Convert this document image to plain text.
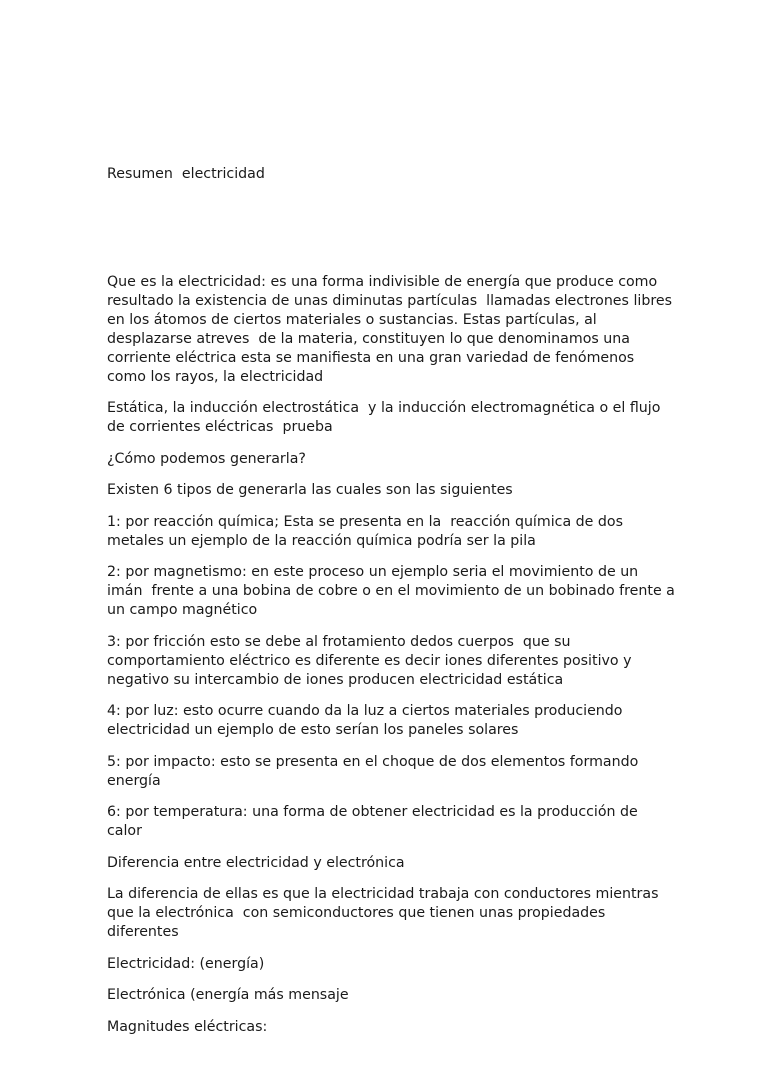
Resumen  electricidad

Que es la electricidad: es una forma indivisible de energía que produce como
resultado la existencia de unas diminutas partículas  llamadas electrones libres
en los átomos de ciertos materiales o sustancias. Estas partículas, al
desplazarse atreves  de la materia, constituyen lo que denominamos una
corriente eléctrica esta se manifiesta en una gran variedad de fenómenos
como los rayos, la electricidad
Estática, la inducción electrostática  y la inducción electromagnética o el flujo
de corrientes eléctricas  prueba
¿Cómo podemos generarla?
Existen 6 tipos de generarla las cuales son las siguientes
1: por reacción química; Esta se presenta en la  reacción química de dos
metales un ejemplo de la reacción química podría ser la pila
2: por magnetismo: en este proceso un ejemplo seria el movimiento de un
imán  frente a una bobina de cobre o en el movimiento de un bobinado frente a
un campo magnético
3: por fricción esto se debe al frotamiento dedos cuerpos  que su
comportamiento eléctrico es diferente es decir iones diferentes positivo y
negativo su intercambio de iones producen electricidad estática
4: por luz: esto ocurre cuando da la luz a ciertos materiales produciendo
electricidad un ejemplo de esto serían los paneles solares
5: por impacto: esto se presenta en el choque de dos elementos formando
energía
6: por temperatura: una forma de obtener electricidad es la producción de
calor
Diferencia entre electricidad y electrónica
La diferencia de ellas es que la electricidad trabaja con conductores mientras
que la electrónica  con semiconductores que tienen unas propiedades
diferentes
Electricidad: (energía)
Electrónica (energía más mensaje
Magnitudes eléctricas:
